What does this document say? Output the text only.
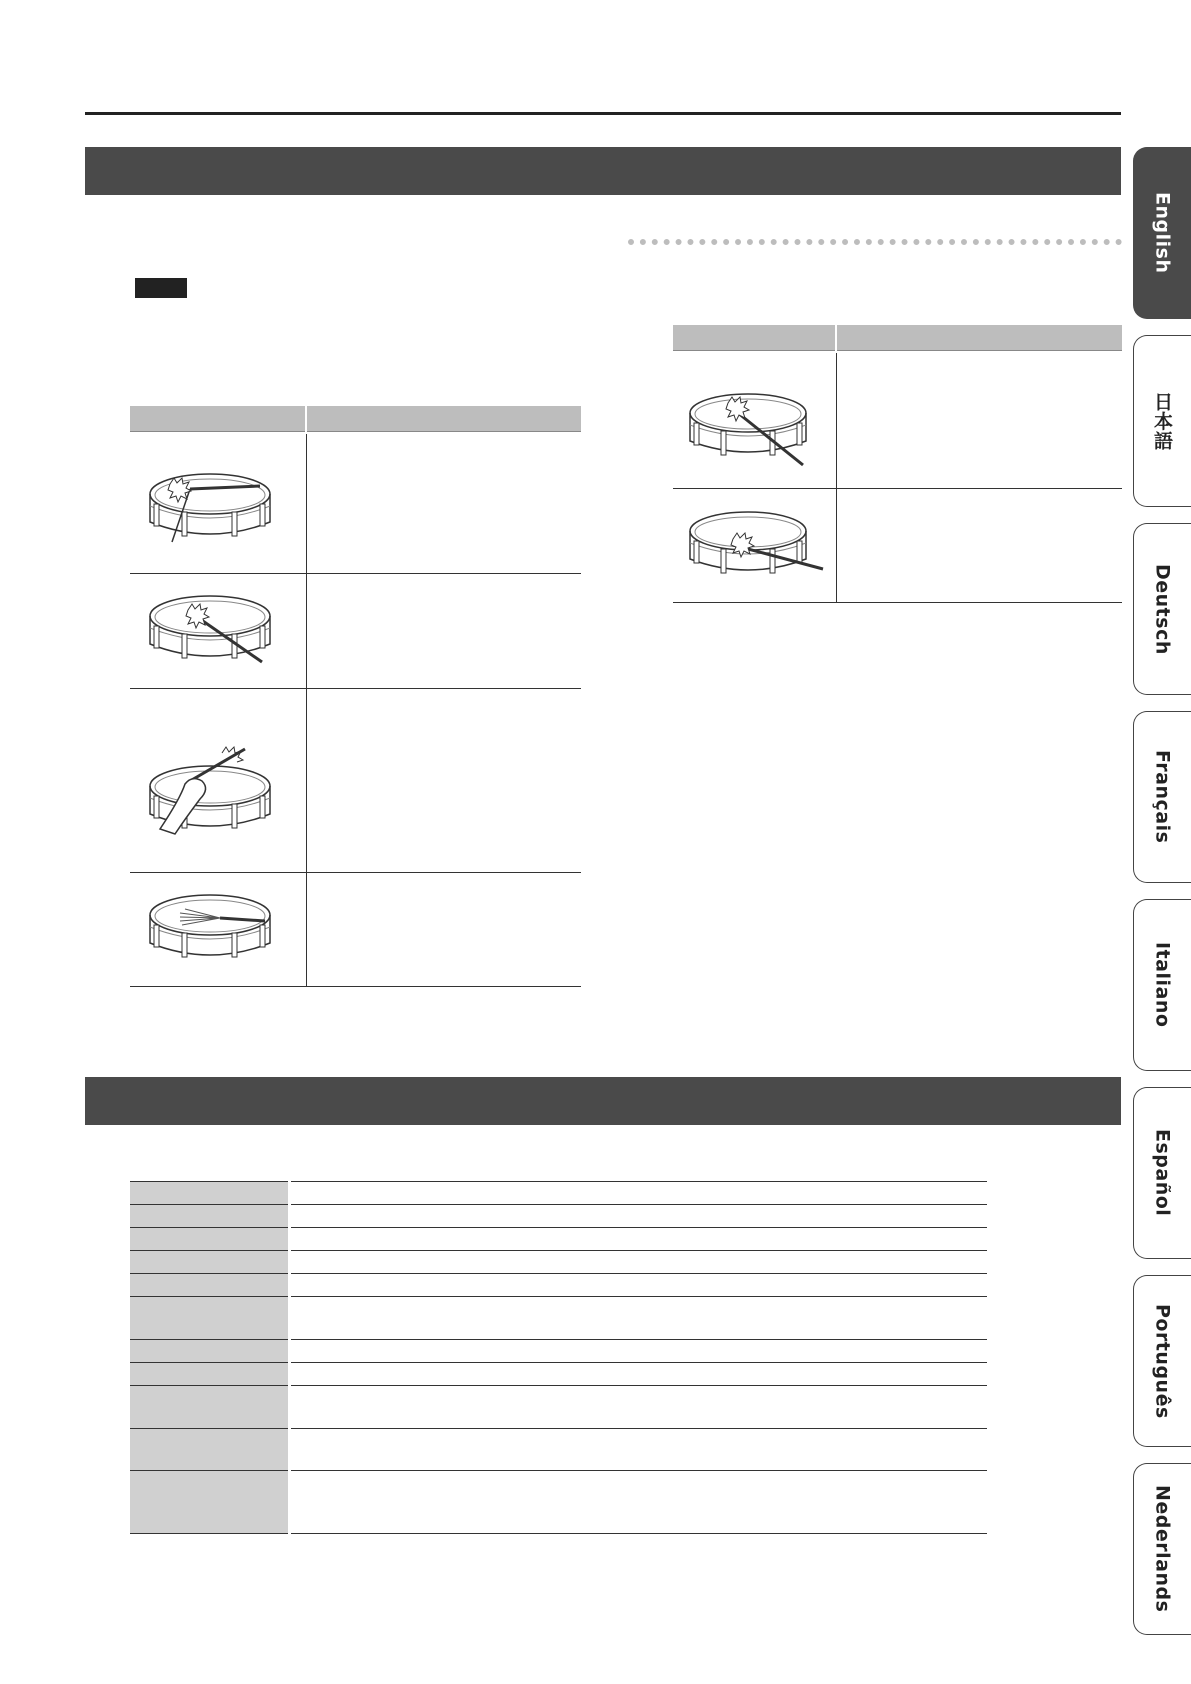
English
日本語
Deutsch
Français
Italiano
Español
Português
Nederlands
